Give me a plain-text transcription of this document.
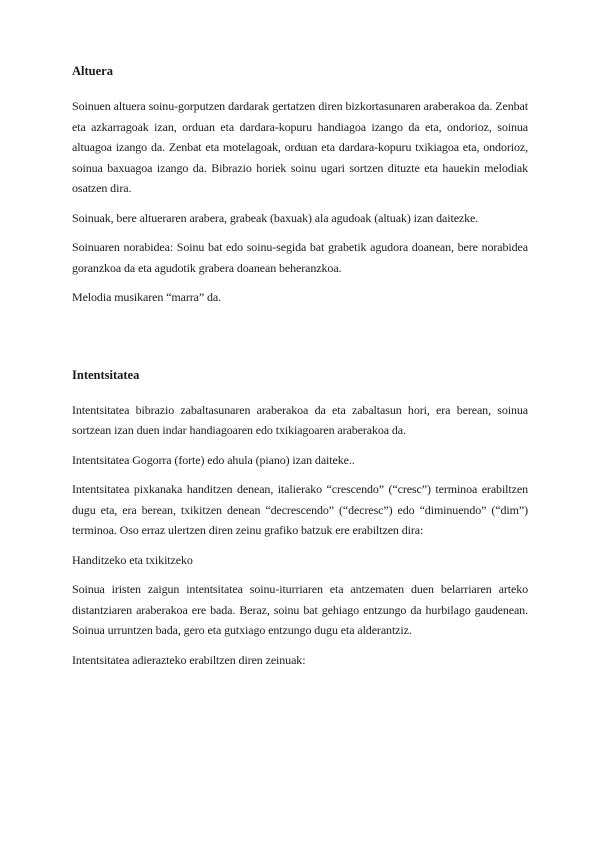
Altuera

Soinuen altuera soinu-gorputzen dardarak gertatzen diren bizkortasunaren araberakoa da. Zenbat eta azkarragoak izan, orduan eta dardara-kopuru handiagoa izango da eta, ondorioz, soinua altuagoa izango da. Zenbat eta motelagoak, orduan eta dardara-kopuru txikiagoa eta, ondorioz, soinua baxuagoa izango da. Bibrazio horiek soinu ugari sortzen dituzte eta hauekin melodiak osatzen dira.

Soinuak, bere altueraren arabera, grabeak (baxuak) ala agudoak (altuak) izan daitezke.

Soinuaren norabidea: Soinu bat edo soinu-segida bat grabetik agudora doanean, bere norabidea goranzkoa da eta agudotik grabera doanean beheranzkoa.

Melodia musikaren “marra” da.

Intentsitatea

Intentsitatea bibrazio zabaltasunaren araberakoa da eta zabaltasun hori, era berean, soinua sortzean izan duen indar handiagoaren edo txikiagoaren araberakoa da.

Intentsitatea Gogorra (forte) edo ahula (piano) izan daiteke..

Intentsitatea pixkanaka handitzen denean, italierako “crescendo” (“cresc”) terminoa erabiltzen dugu eta, era berean, txikitzen denean “decrescendo” (“decresc”) edo “diminuendo” (“dim”) terminoa. Oso erraz ulertzen diren zeinu grafiko batzuk ere erabiltzen dira:

Handitzeko eta txikitzeko

Soinua iristen zaigun intentsitatea soinu-iturriaren eta antzematen duen belarriaren arteko distantziaren araberakoa ere bada. Beraz, soinu bat gehiago entzungo da hurbilago gaudenean. Soinua urruntzen bada, gero eta gutxiago entzungo dugu eta alderantziz.

Intentsitatea adierazteko erabiltzen diren zeinuak:
